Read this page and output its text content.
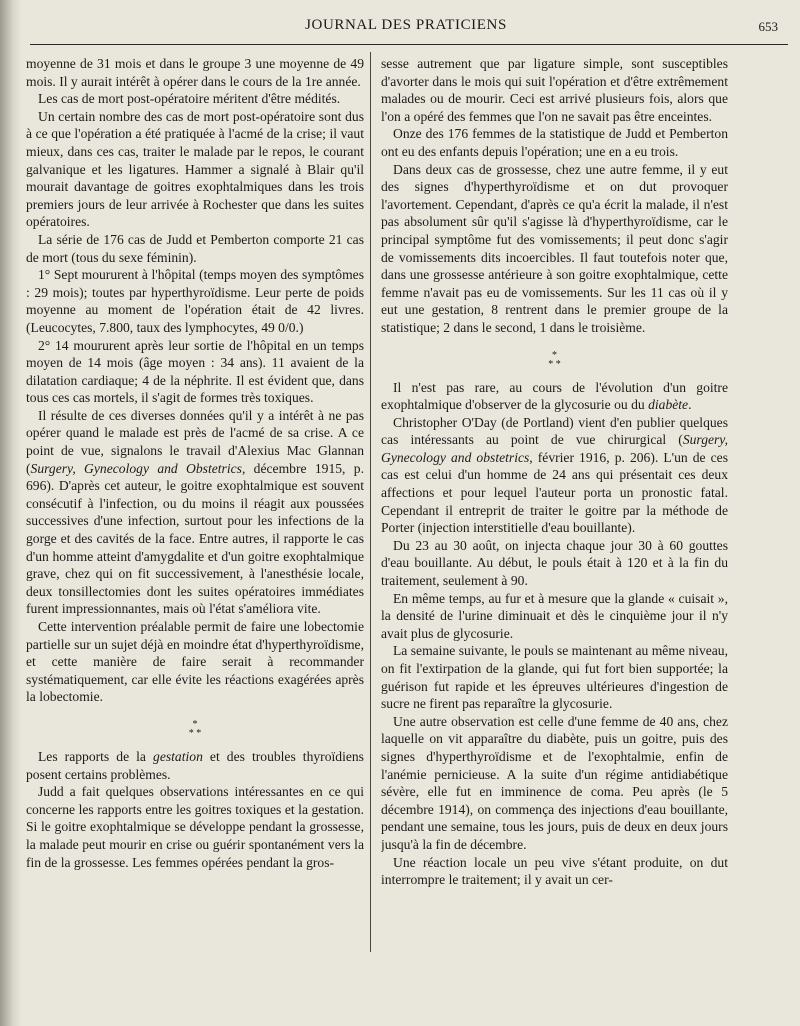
JOURNAL DES PRATICIENS	653

moyenne de 31 mois et dans le groupe 3 une moyenne de 49 mois. Il y aurait intérêt à opérer dans le cours de la 1re année.

Les cas de mort post-opératoire méritent d'être médités.

Un certain nombre des cas de mort post-opératoire sont dus à ce que l'opération a été pratiquée à l'acmé de la crise; il vaut mieux, dans ces cas, traiter le malade par le repos, le courant galvanique et les ligatures. Hammer a signalé à Blair qu'il mourait davantage de goitres exophtalmiques dans les trois premiers jours de leur arrivée à Rochester que dans les suites opératoires.

La série de 176 cas de Judd et Pemberton comporte 21 cas de mort (tous du sexe féminin).

1° Sept moururent à l'hôpital (temps moyen des symptômes : 29 mois); toutes par hyperthyroïdisme. Leur perte de poids moyenne au moment de l'opération était de 42 livres. (Leucocytes, 7.800, taux des lymphocytes, 49 0/0.)

2° 14 moururent après leur sortie de l'hôpital en un temps moyen de 14 mois (âge moyen : 34 ans). 11 avaient de la dilatation cardiaque; 4 de la néphrite. Il est évident que, dans tous ces cas mortels, il s'agit de formes très toxiques.

Il résulte de ces diverses données qu'il y a intérêt à ne pas opérer quand le malade est près de l'acmé de sa crise. A ce point de vue, signalons le travail d'Alexius Mac Glannan (Surgery, Gynecology and Obstetrics, décembre 1915, p. 696). D'après cet auteur, le goitre exophtalmique est souvent consécutif à l'infection, ou du moins il réagit aux poussées successives d'une infection, surtout pour les infections de la gorge et des cavités de la face. Entre autres, il rapporte le cas d'un homme atteint d'amygdalite et d'un goitre exophtalmique grave, chez qui on fit successivement, à l'anesthésie locale, deux tonsillectomies dont les suites opératoires immédiates furent impressionnantes, mais où l'état s'améliora vite.

Cette intervention préalable permit de faire une lobectomie partielle sur un sujet déjà en moindre état d'hyperthyroïdisme, et cette manière de faire serait à recommander systématiquement, car elle évite les réactions exagérées après la lobectomie.

*
* *

Les rapports de la gestation et des troubles thyroïdiens posent certains problèmes.

Judd a fait quelques observations intéressantes en ce qui concerne les rapports entre les goitres toxiques et la gestation. Si le goitre exophtalmique se développe pendant la grossesse, la malade peut mourir en crise ou guérir spontanément vers la fin de la grossesse. Les femmes opérées pendant la gros-

sesse autrement que par ligature simple, sont susceptibles d'avorter dans le mois qui suit l'opération et d'être extrêmement malades ou de mourir. Ceci est arrivé plusieurs fois, alors que l'on a opéré des femmes que l'on ne savait pas être enceintes.

Onze des 176 femmes de la statistique de Judd et Pemberton ont eu des enfants depuis l'opération; une en a eu trois.

Dans deux cas de grossesse, chez une autre femme, il y eut des signes d'hyperthyroïdisme et on dut provoquer l'avortement. Cependant, d'après ce qu'a écrit la malade, il n'est pas absolument sûr qu'il s'agisse là d'hyperthyroïdisme, car le principal symptôme fut des vomissements; il peut donc s'agir de vomissements dits incoercibles. Il faut toutefois noter que, dans une grossesse antérieure à son goitre exophtalmique, cette femme n'avait pas eu de vomissements. Sur les 11 cas où il y eut une gestation, 8 rentrent dans le premier groupe de la statistique; 2 dans le second, 1 dans le troisième.

*
* *

Il n'est pas rare, au cours de l'évolution d'un goitre exophtalmique d'observer de la glycosurie ou du diabète.

Christopher O'Day (de Portland) vient d'en publier quelques cas intéressants au point de vue chirurgical (Surgery, Gynecology and obstetrics, février 1916, p. 206). L'un de ces cas est celui d'un homme de 24 ans qui présentait ces deux affections et pour lequel l'auteur porta un pronostic fatal. Cependant il entreprit de traiter le goitre par la méthode de Porter (injection interstitielle d'eau bouillante).

Du 23 au 30 août, on injecta chaque jour 30 à 60 gouttes d'eau bouillante. Au début, le pouls était à 120 et à la fin du traitement, seulement à 90.

En même temps, au fur et à mesure que la glande « cuisait », la densité de l'urine diminuait et dès le cinquième jour il n'y avait plus de glycosurie.

La semaine suivante, le pouls se maintenant au même niveau, on fit l'extirpation de la glande, qui fut fort bien supportée; la guérison fut rapide et les épreuves ultérieures d'ingestion de sucre ne firent pas reparaître la glycosurie.

Une autre observation est celle d'une femme de 40 ans, chez laquelle on vit apparaître du diabète, puis un goitre, puis des signes d'hyperthyroïdisme et de l'exophtalmie, enfin de l'anémie pernicieuse. A la suite d'un régime antidiabétique sévère, elle fut en imminence de coma. Peu après (le 5 décembre 1914), on commença des injections d'eau bouillante, pendant une semaine, tous les jours, puis de deux en deux jours jusqu'à la fin de décembre.

Une réaction locale un peu vive s'étant produite, on dut interrompre le traitement; il y avait un cer-
